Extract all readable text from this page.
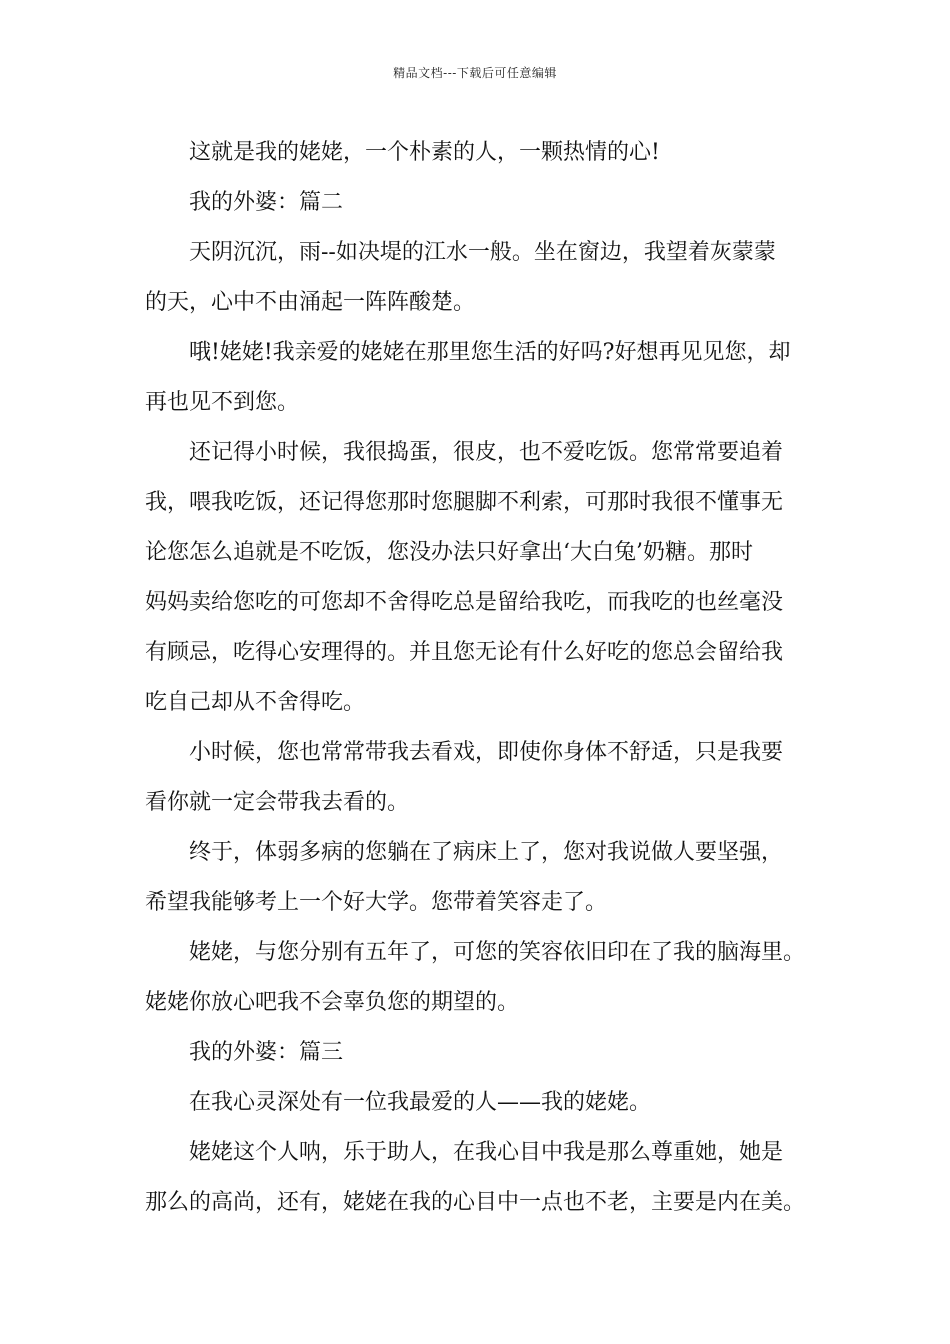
精品文档---下载后可任意编辑
这就是我的姥姥，一个朴素的人，一颗热情的心!
我的外婆：篇二
天阴沉沉，雨--如决堤的江水一般。坐在窗边，我望着灰蒙蒙
的天，心中不由涌起一阵阵酸楚。
哦!姥姥!我亲爱的姥姥在那里您生活的好吗?好想再见见您，却
再也见不到您。
还记得小时候，我很捣蛋，很皮，也不爱吃饭。您常常要追着
我，喂我吃饭，还记得您那时您腿脚不利索，可那时我很不懂事无
论您怎么追就是不吃饭，您没办法只好拿出‘大白兔’奶糖。那时
妈妈卖给您吃的可您却不舍得吃总是留给我吃，而我吃的也丝毫没
有顾忌，吃得心安理得的。并且您无论有什么好吃的您总会留给我
吃自己却从不舍得吃。
小时候，您也常常带我去看戏，即使你身体不舒适，只是我要
看你就一定会带我去看的。
终于，体弱多病的您躺在了病床上了，您对我说做人要坚强，
希望我能够考上一个好大学。您带着笑容走了。
姥姥，与您分别有五年了，可您的笑容依旧印在了我的脑海里。
姥姥你放心吧我不会辜负您的期望的。
我的外婆：篇三
在我心灵深处有一位我最爱的人——我的姥姥。
姥姥这个人呐，乐于助人，在我心目中我是那么尊重她，她是
那么的高尚，还有，姥姥在我的心目中一点也不老，主要是内在美。
